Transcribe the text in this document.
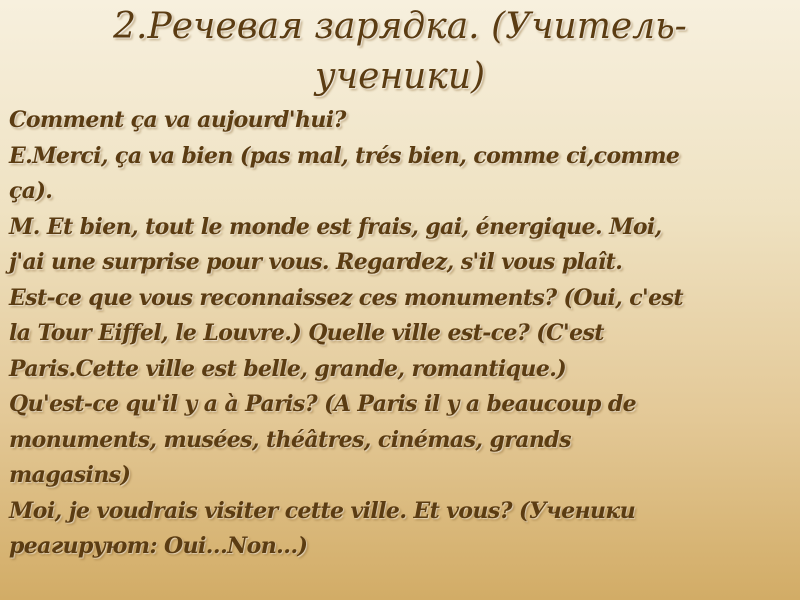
2.Речевая зарядка. (Учитель-
ученики)
Comment ça va aujourd'hui?
E.Merci, ça va bien (pas mal, trés bien, comme ci,comme
ça).
M. Et bien, tout le monde est frais, gai, énergique. Moi,
j'ai une surprise pour vous. Regardez, s'il vous plaît.
Est-ce que vous reconnaissez ces monuments? (Oui, c'est
la Tour Eiffel, le Louvre.) Quelle ville est-ce? (C'est
Paris.Cette ville est belle, grande, romantique.)
Qu'est-ce qu'il y a à Paris? (A Paris il y a beaucoup de
monuments, musées, théâtres, cinémas, grands
magasins)
Moi, je voudrais visiter cette ville. Et vous? (Ученики
реагируют: Oui…Non…)
